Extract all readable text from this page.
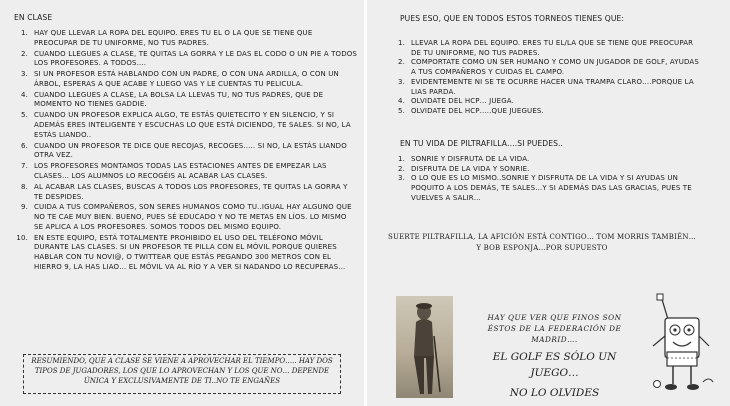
EN CLASE
1. HAY QUE LLEVAR LA ROPA DEL EQUIPO. ERES TU EL O LA QUE SE TIENE QUE PREOCUPAR DE TU UNIFORME, NO TUS PADRES.
2. CUANDO LLEGUES A CLASE, TE QUITAS LA GORRA Y LE DAS EL CODO O UN PIE A TODOS LOS PROFESORES. A TODOS….
3. SI UN PROFESOR ESTÁ HABLANDO CON UN PADRE, O CON UNA ARDILLA, O CON UN ÁRBOL, ESPERAS A QUE ACABE Y LUEGO VAS Y LE CUENTAS TU PELICULA.
4. CUANDO LLEGUES A CLASE, LA BOLSA LA LLEVAS TU, NO TUS PADRES, QUE DE MOMENTO NO TIENES GADDIE.
5. CUANDO UN PROFESOR EXPLICA ALGO, TE ESTÁS QUIETECITO Y EN SILENCIO, Y SI ADEMÁS ERES INTELIGENTE Y ESCUCHAS LO QUE ESTÁ DICIENDO, TE SALES. SI NO, LA ESTÁS LIANDO..
6. CUANDO UN PROFESOR TE DICE QUE RECOJAS, RECOGES….. SI NO, LA ESTÁS LIANDO OTRA VEZ.
7. LOS PROFESORES MONTAMOS TODAS LAS ESTACIONES ANTES DE EMPEZAR LAS CLASES… LOS ALUMNOS LO RECOGÉIS AL ACABAR LAS CLASES.
8. AL ACABAR LAS CLASES, BUSCAS A TODOS LOS PROFESORES, TE QUITAS LA GORRA Y TE DESPIDES.
9. CUIDA A TUS COMPAÑEROS, SON SERES HUMANOS COMO TU..IGUAL HAY ALGUNO QUE NO TE CAE MUY BIEN. BUENO, PUES SÉ EDUCADO Y NO TE METAS EN LÍOS. LO MISMO SE APLICA A LOS PROFESORES. SOMOS TODOS DEL MISMO EQUIPO.
10. EN ESTE EQUIPO, ESTÁ TOTALMENTE PROHIBIDO EL USO DEL TELÉFONO MÓVIL DURANTE LAS CLASES. SI UN PROFESOR TE PILLA CON EL MÓVIL PORQUE QUIERES HABLAR CON TU NOVI@, O TWITTEAR QUE ESTÁS PEGANDO 300 METROS CON EL HIERRO 9, LA HAS LIAO… EL MÓVIL VA AL RÍO Y A VER SI NADANDO LO RECUPERAS…
RESUMIENDO, QUE A CLASE SE VIENE A APROVECHAR EL TIEMPO….. HAY DOS TIPOS DE JUGADORES, LOS QUE LO APROVECHAN Y LOS QUE NO… DEPENDE ÚNICA Y EXCLUSIVAMENTE DE TI..NO TE ENGAÑES
PUES ESO, QUE EN TODOS ESTOS TORNEOS TIENES QUE:
1. LLEVAR LA ROPA DEL EQUIPO. ERES TU EL/LA QUE SE TIENE QUE PREOCUPAR DE TU UNIFORME, NO TUS PADRES.
2. COMPORTATE COMO UN SER HUMANO Y COMO UN JUGADOR DE GOLF, AYUDAS A TUS COMPAÑEROS Y CUIDAS EL CAMPO.
3. EVIDENTEMENTE NI SE TE OCURRE HACER UNA TRAMPA CLARO….PORQUE LA LIAS PARDA.
4. OLVIDATE DEL HCP… JUEGA.
5. OLVIDATE DEL HCP…..QUE JUEGUES.
EN TU VIDA DE PILTRAFILLA….SI PUEDES..
1. SONRIE Y DISFRUTA DE LA VIDA.
2. DISFRUTA DE LA VIDA Y SONRIE.
3. O LO QUE ES LO MISMO..SONRIE Y DISFRUTA DE LA VIDA Y SI AYUDAS UN POQUITO A LOS DEMÁS, TE SALES…Y SI ADEMÁS DAS LAS GRACIAS, PUES TE VUELVES A SALIR…
SUERTE PILTRAFILLA, LA AFICIÓN ESTÁ CONTIGO… TOM MORRIS TAMBIÉN…Y BOB ESPONJA…POR SUPUESTO
HAY QUE VER QUE FINOS SON ÉSTOS DE LA FEDERACIÓN DE MADRID….
EL GOLF ES SÓLO UN JUEGO…
NO LO OLVIDES
